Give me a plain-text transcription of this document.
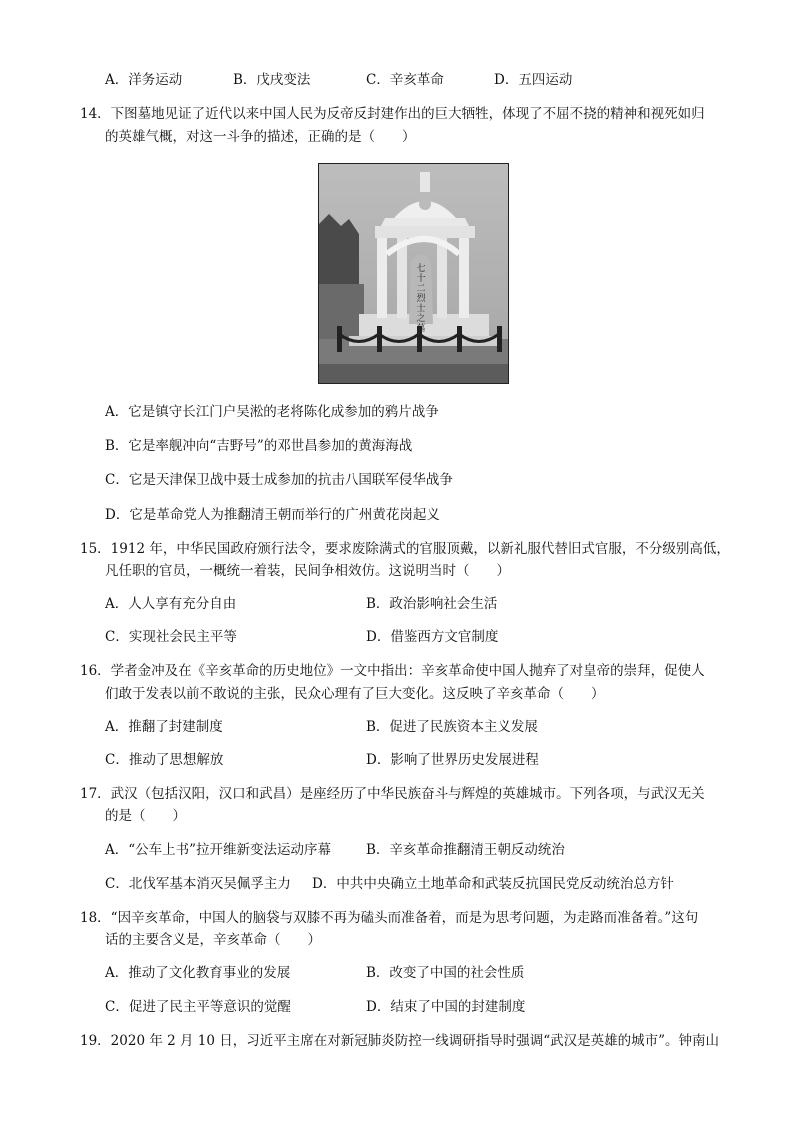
A．洋务运动	B．戊戌变法	C．辛亥革命	D．五四运动
14．下图墓地见证了近代以来中国人民为反帝反封建作出的巨大牺牲，体现了不屈不挠的精神和视死如归
的英雄气概，对这一斗争的描述，正确的是（　　）
七十二烈士之墓
A．它是镇守长江门户吴淞的老将陈化成参加的鸦片战争
B．它是率舰冲向“吉野号”的邓世昌参加的黄海海战
C．它是天津保卫战中聂士成参加的抗击八国联军侵华战争
D．它是革命党人为推翻清王朝而举行的广州黄花岗起义
15．1912 年，中华民国政府颁行法令，要求废除满式的官服顶戴，以新礼服代替旧式官服，不分级别高低，
凡任职的官员，一概统一着装，民间争相效仿。这说明当时（　　）
A．人人享有充分自由	B．政治影响社会生活
C．实现社会民主平等	D．借鉴西方文官制度
16．学者金冲及在《辛亥革命的历史地位》一文中指出：辛亥革命使中国人抛弃了对皇帝的崇拜，促使人
们敢于发表以前不敢说的主张，民众心理有了巨大变化。这反映了辛亥革命（　　）
A．推翻了封建制度	B．促进了民族资本主义发展
C．推动了思想解放	D．影响了世界历史发展进程
17．武汉（包括汉阳，汉口和武昌）是座经历了中华民族奋斗与辉煌的英雄城市。下列各项，与武汉无关
的是（　　）
A．“公车上书”拉开维新变法运动序幕	B．辛亥革命推翻清王朝反动统治
C．北伐军基本消灭吴佩孚主力 D．中共中央确立土地革命和武装反抗国民党反动统治总方针
18．“因辛亥革命，中国人的脑袋与双膝不再为磕头而准备着，而是为思考问题，为走路而准备着。”这句
话的主要含义是，辛亥革命（　　）
A．推动了文化教育事业的发展	B．改变了中国的社会性质
C．促进了民主平等意识的觉醒	D．结束了中国的封建制度
19．2020 年 2 月 10 日，习近平主席在对新冠肺炎防控一线调研指导时强调“武汉是英雄的城市”。钟南山
